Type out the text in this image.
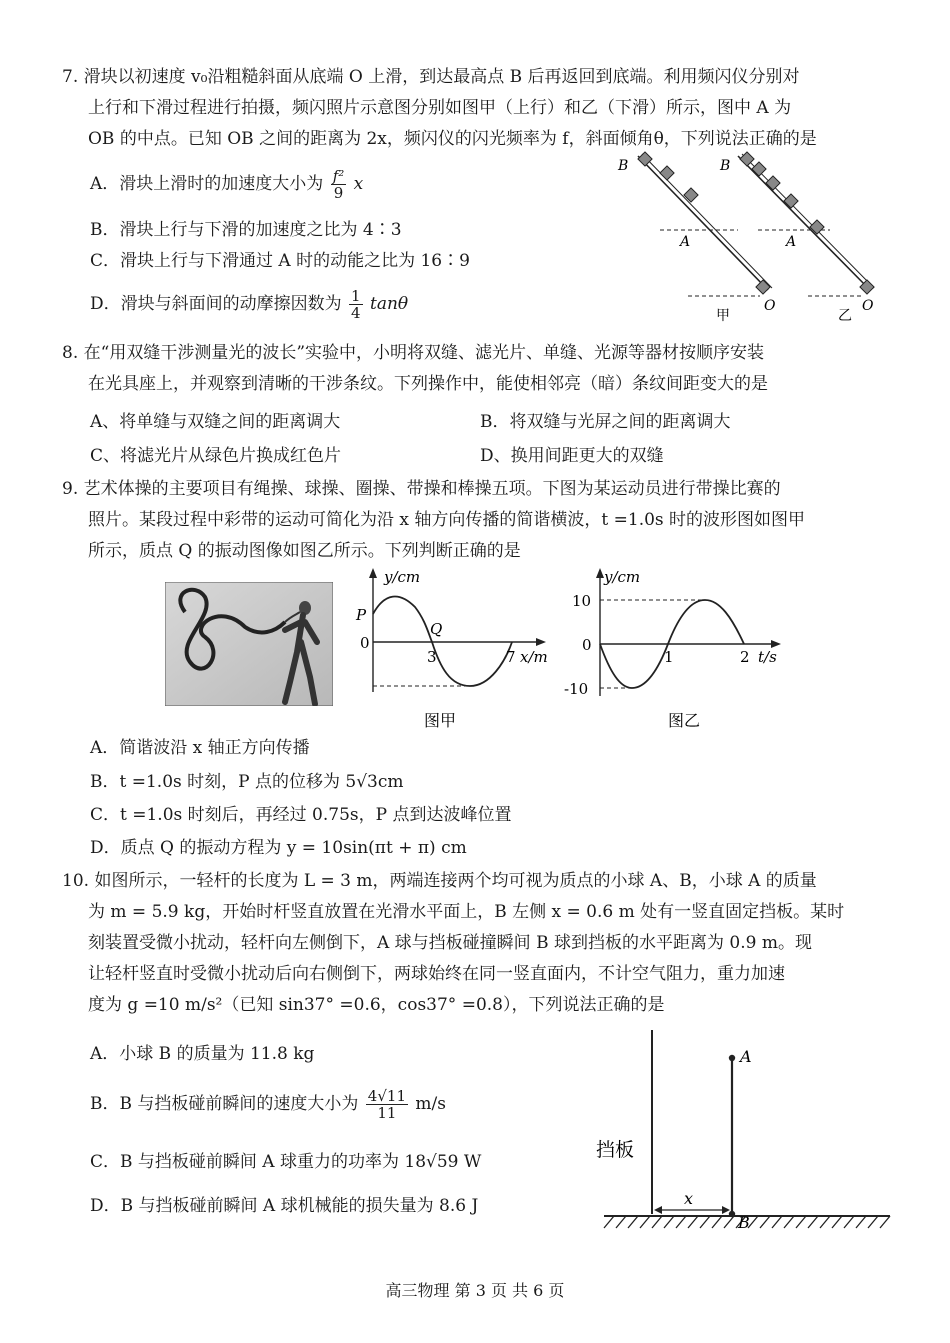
7. 滑块以初速度 v₀沿粗糙斜面从底端 O 上滑，到达最高点 B 后再返回到底端。利用频闪仪分别对
上行和下滑过程进行拍摄，频闪照片示意图分别如图甲（上行）和乙（下滑）所示，图中 A 为
OB 的中点。已知 OB 之间的距离为 2x，频闪仪的闪光频率为 f，斜面倾角θ，下列说法正确的是
A．滑块上滑时的加速度大小为 $\frac{\text{f²}}{9}$ x
B．滑块上行与下滑的加速度之比为 4∶3
C．滑块上行与下滑通过 A 时的动能之比为 16∶9
D．滑块与斜面间的动摩擦因数为 $\frac{1}{4}$ tanθ
B
A
O
甲
B
A
O
乙
8. 在“用双缝干涉测量光的波长”实验中，小明将双缝、滤光片、单缝、光源等器材按顺序安装
在光具座上，并观察到清晰的干涉条纹。下列操作中，能使相邻亮（暗）条纹间距变大的是
A、将单缝与双缝之间的距离调大	B．将双缝与光屏之间的距离调大
C、将滤光片从绿色片换成红色片	D、换用间距更大的双缝
9. 艺术体操的主要项目有绳操、球操、圈操、带操和棒操五项。下图为某运动员进行带操比赛的
照片。某段过程中彩带的运动可简化为沿 x 轴方向传播的简谐横波，t =1.0s 时的波形图如图甲
所示，质点 Q 的振动图像如图乙所示。下列判断正确的是
y/cm
P
0
Q
3	7 x/m
图甲
y/cm
10
0
-10
1	2 t/s
图乙
A．简谐波沿 x 轴正方向传播
B．t =1.0s 时刻，P 点的位移为 5√3cm
C．t =1.0s 时刻后，再经过 0.75s，P 点到达波峰位置
D．质点 Q 的振动方程为 y = 10sin(πt + π) cm
10. 如图所示，一轻杆的长度为 L = 3 m，两端连接两个均可视为质点的小球 A、B，小球 A 的质量
为 m = 5.9 kg，开始时杆竖直放置在光滑水平面上，B 左侧 x = 0.6 m 处有一竖直固定挡板。某时
刻装置受微小扰动，轻杆向左侧倒下，A 球与挡板碰撞瞬间 B 球到挡板的水平距离为 0.9 m。现
让轻杆竖直时受微小扰动后向右侧倒下，两球始终在同一竖直面内，不计空气阻力，重力加速
度为 g =10 m/s²（已知 sin37° =0.6，cos37° =0.8），下列说法正确的是
A．小球 B 的质量为 11.8 kg
B．B 与挡板碰前瞬间的速度大小为 $\frac{4√11}{11} m/s$
C．B 与挡板碰前瞬间 A 球重力的功率为 18√59 W
D．B 与挡板碰前瞬间 A 球机械能的损失量为 8.6 J	x
A
B
挡板
高三物理 第 3 页 共 6 页
